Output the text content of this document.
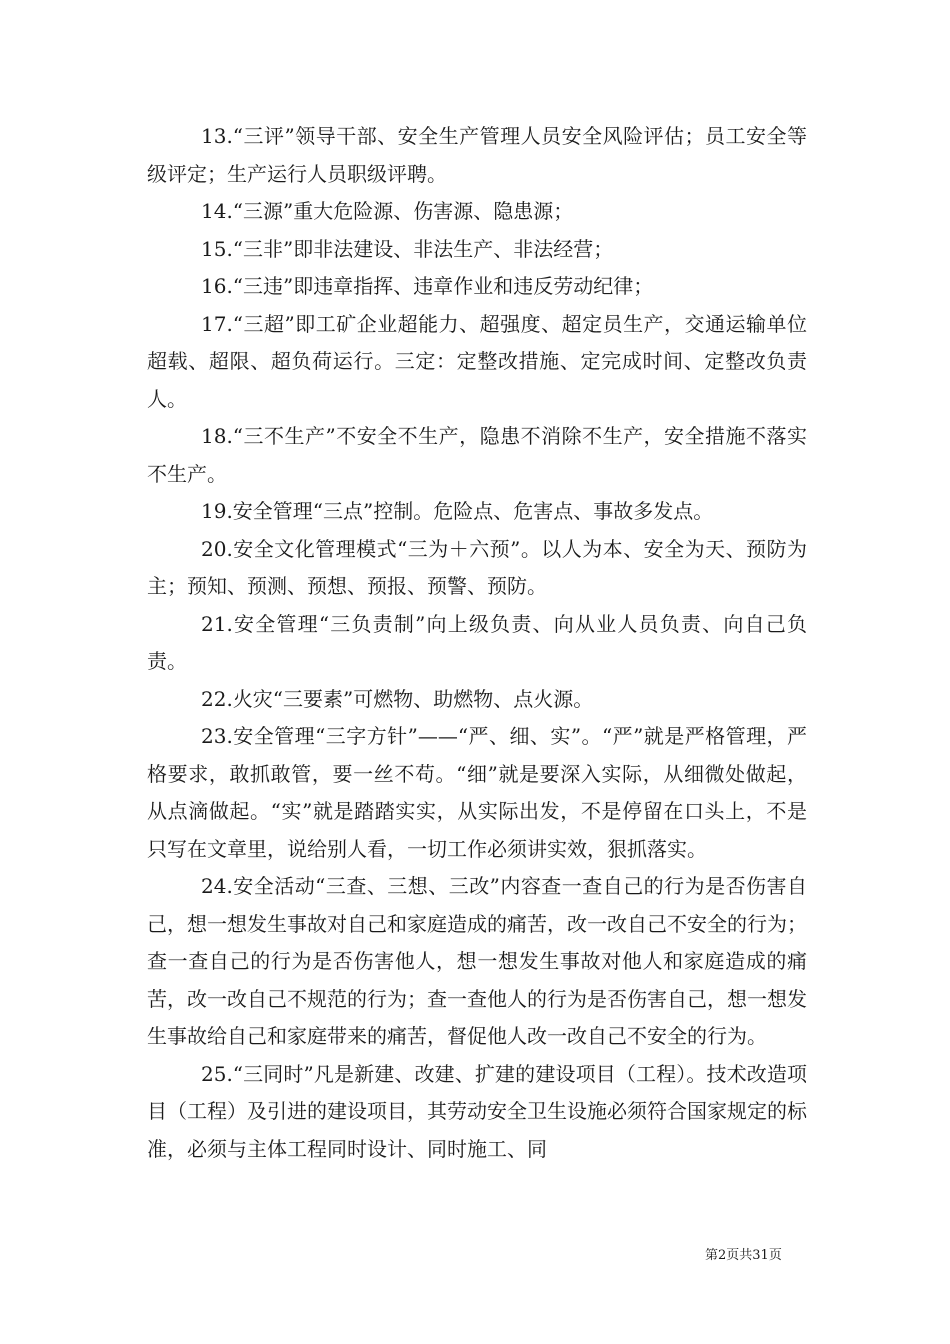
13.“三评”领导干部、安全生产管理人员安全风险评估；员工安全等级评定；生产运行人员职级评聘。

14.“三源”重大危险源、伤害源、隐患源；

15.“三非”即非法建设、非法生产、非法经营；

16.“三违”即违章指挥、违章作业和违反劳动纪律；

17.“三超”即工矿企业超能力、超强度、超定员生产，交通运输单位超载、超限、超负荷运行。三定：定整改措施、定完成时间、定整改负责人。

18.“三不生产”不安全不生产，隐患不消除不生产，安全措施不落实不生产。

19.安全管理“三点”控制。危险点、危害点、事故多发点。

20.安全文化管理模式“三为＋六预”。以人为本、安全为天、预防为主；预知、预测、预想、预报、预警、预防。

21.安全管理“三负责制”向上级负责、向从业人员负责、向自己负责。

22.火灾“三要素”可燃物、助燃物、点火源。

23.安全管理“三字方针”——“严、细、实”。“严”就是严格管理，严格要求，敢抓敢管，要一丝不苟。“细”就是要深入实际，从细微处做起，从点滴做起。“实”就是踏踏实实，从实际出发，不是停留在口头上，不是只写在文章里，说给别人看，一切工作必须讲实效，狠抓落实。

24.安全活动“三查、三想、三改”内容查一查自己的行为是否伤害自己，想一想发生事故对自己和家庭造成的痛苦，改一改自己不安全的行为；查一查自己的行为是否伤害他人，想一想发生事故对他人和家庭造成的痛苦，改一改自己不规范的行为；查一查他人的行为是否伤害自己，想一想发生事故给自己和家庭带来的痛苦，督促他人改一改自己不安全的行为。

25.“三同时”凡是新建、改建、扩建的建设项目（工程）。技术改造项目（工程）及引进的建设项目，其劳动安全卫生设施必须符合国家规定的标准，必须与主体工程同时设计、同时施工、同

第2页共31页
